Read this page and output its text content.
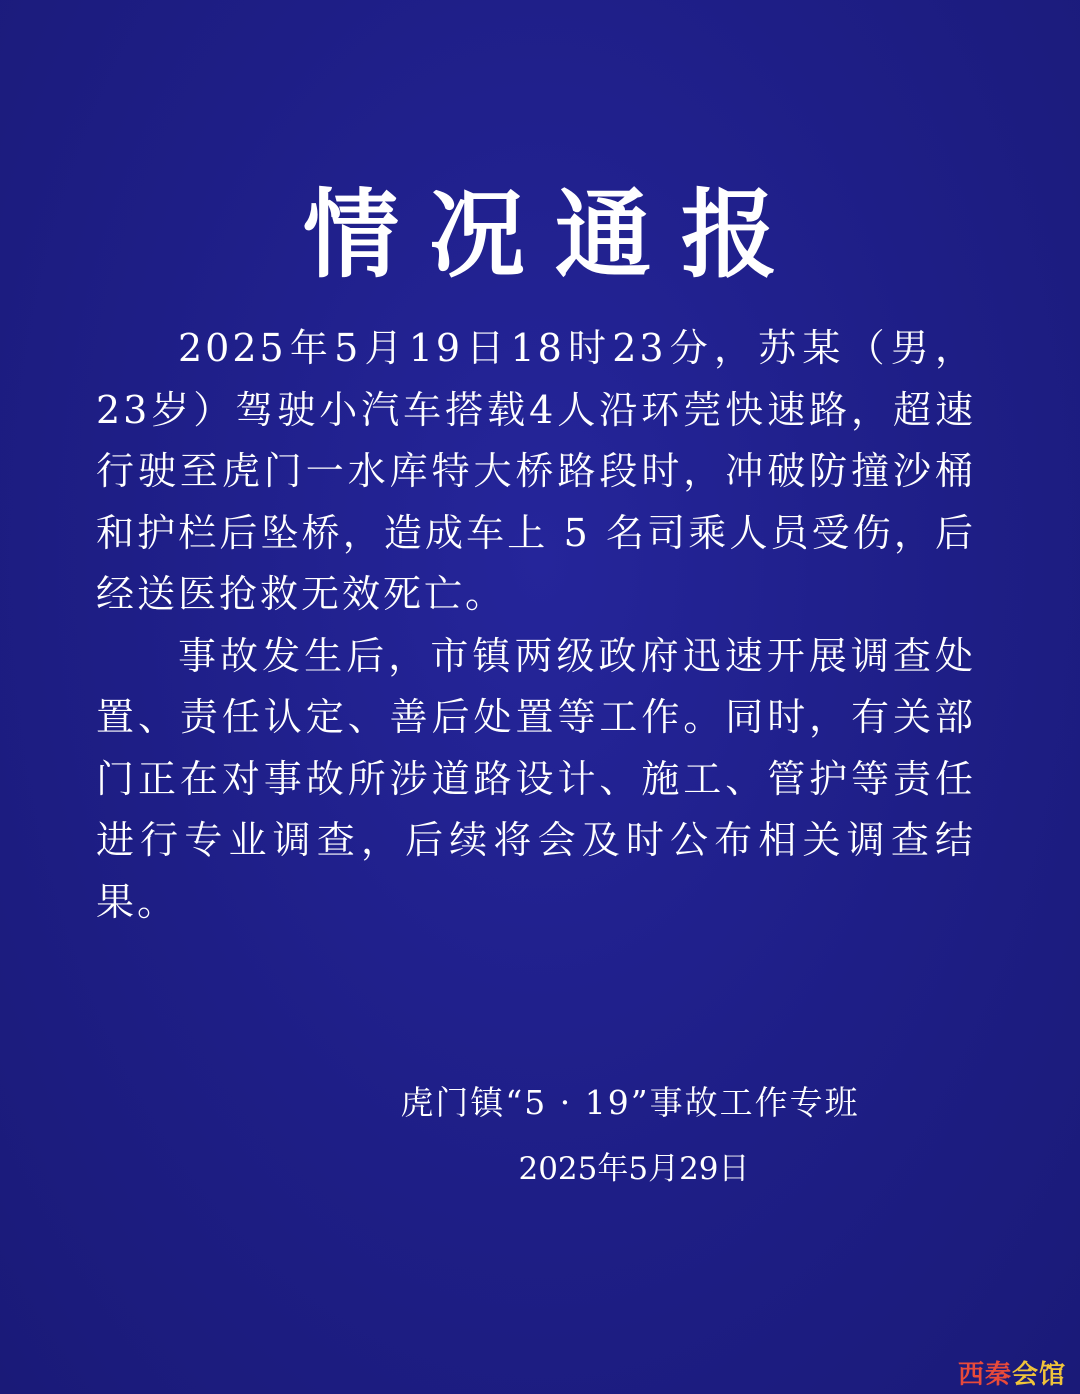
情况通报

2025年5月19日18时23分，苏某（男，23岁）驾驶小汽车搭载4人沿环莞快速路，超速行驶至虎门一水库特大桥路段时，冲破防撞沙桶和护栏后坠桥，造成车上 5 名司乘人员受伤，后经送医抢救无效死亡。

事故发生后，市镇两级政府迅速开展调查处置、责任认定、善后处置等工作。同时，有关部门正在对事故所涉道路设计、施工、管护等责任进行专业调查，后续将会及时公布相关调查结果。

虎门镇“5 · 19”事故工作专班
2025年5月29日
西秦会馆
